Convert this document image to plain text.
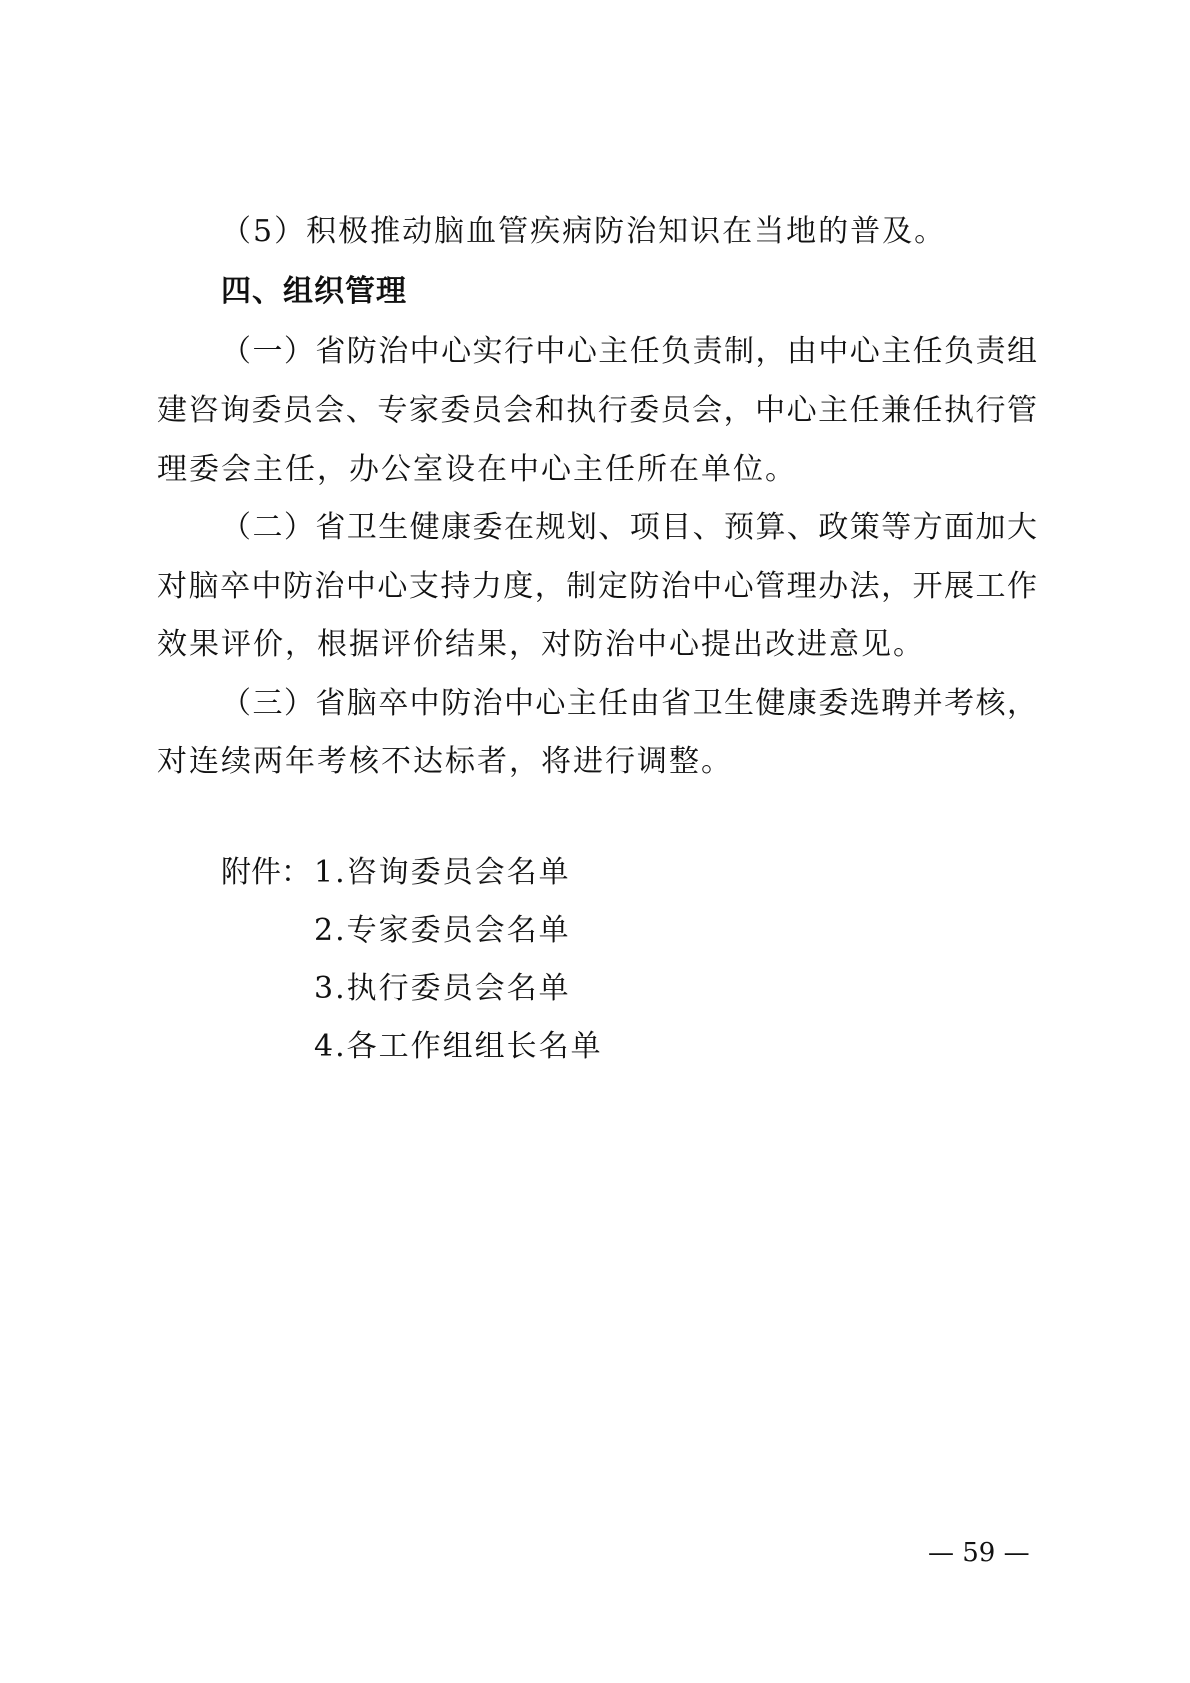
（5）积极推动脑血管疾病防治知识在当地的普及。
四、组织管理
（一）省防治中心实行中心主任负责制，由中心主任负责组
建咨询委员会、专家委员会和执行委员会，中心主任兼任执行管
理委会主任，办公室设在中心主任所在单位。
（二）省卫生健康委在规划、项目、预算、政策等方面加大
对脑卒中防治中心支持力度，制定防治中心管理办法，开展工作
效果评价，根据评价结果，对防治中心提出改进意见。
（三）省脑卒中防治中心主任由省卫生健康委选聘并考核，
对连续两年考核不达标者，将进行调整。
附件： 1.咨询委员会名单
2.专家委员会名单
3.执行委员会名单
4.各工作组组长名单
— 59 —
